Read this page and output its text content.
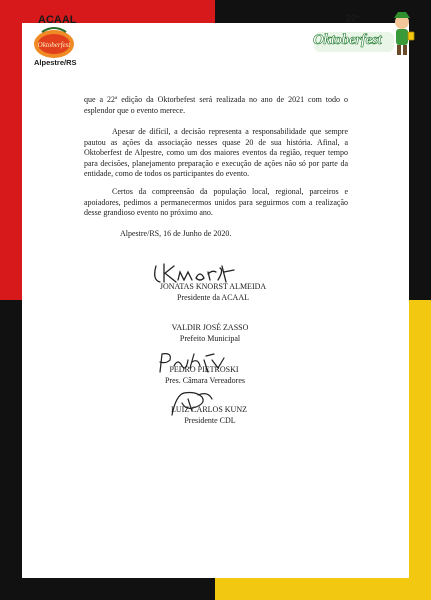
Oktoberfest
ACAAL
Alpestre/RS
22ª
Oktoberfest

que a 22ª edição da Oktorbefest será realizada no ano de 2021 com todo o esplendor que o evento merece.

Apesar de difícil, a decisão representa a responsabilidade que sempre pautou as ações da associação nesses quase 20 de sua história. Afinal, a Oktoberfest de Alpestre, como um dos maiores eventos da região, requer tempo para decisões, planejamento preparação e execução de ações não só por parte da entidade, como de todos os participantes do evento.

Certos da compreensão da população local, regional, parceiros e apoiadores, pedimos a permanecermos unidos para seguirmos com a realização desse grandioso evento no próximo ano.

Alpestre/RS, 16 de Junho de 2020.

JONATAS KNORST ALMEIDA
Presidente da ACAAL
VALDIR JOSÉ ZASSO
Prefeito Municipal
PEDRO PIETROSKI
Pres. Câmara Vereadores
LUIZ CARLOS KUNZ
Presidente CDL
